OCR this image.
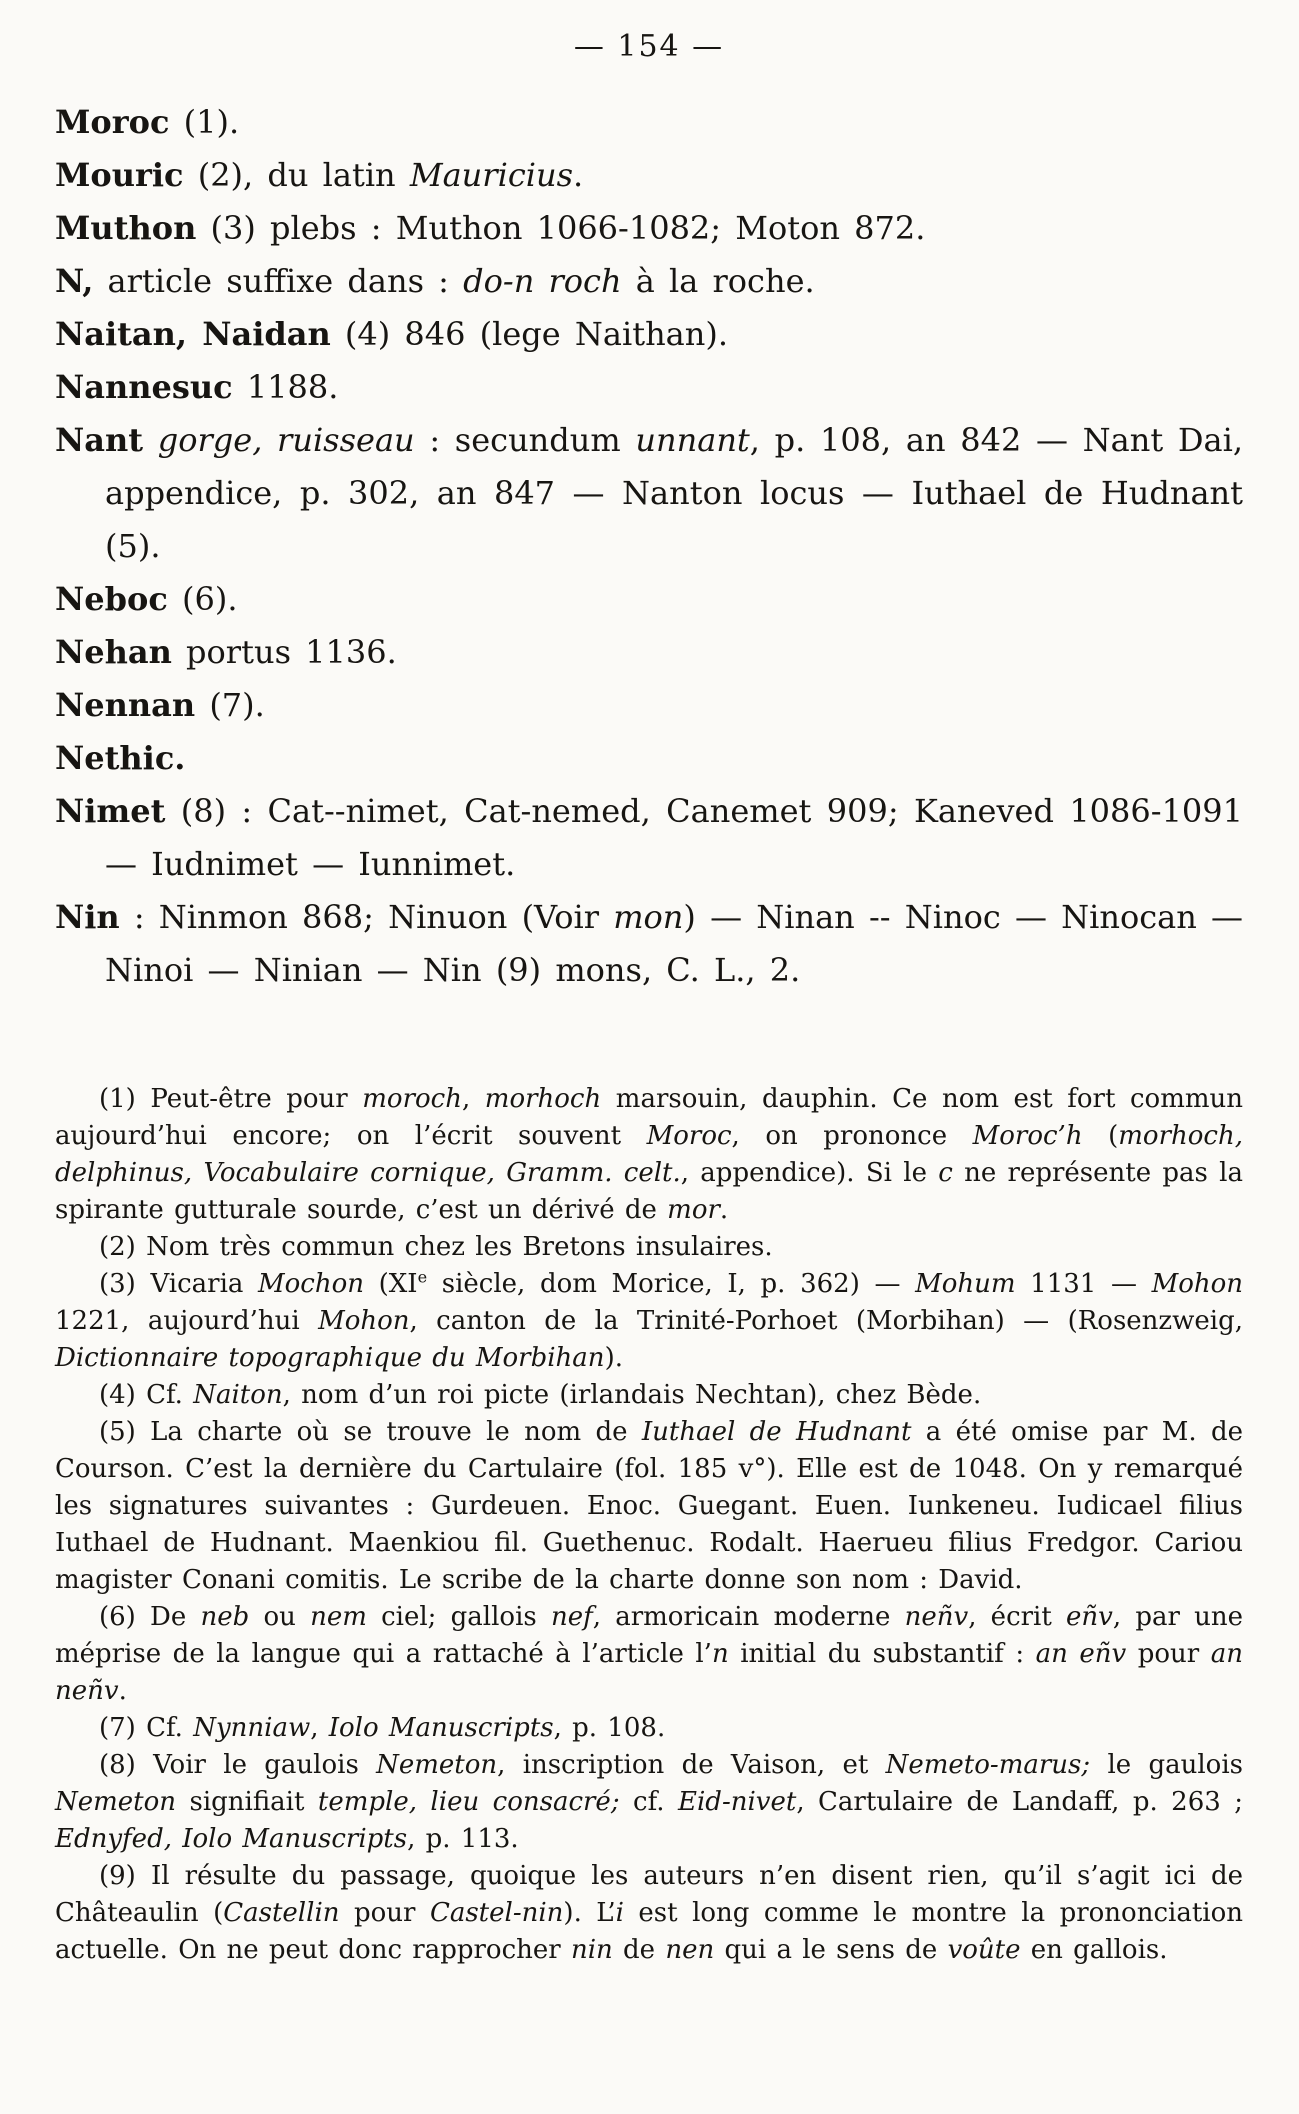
— 154 —

Moroc (1).

Mouric (2), du latin Mauricius.

Muthon (3) plebs : Muthon 1066-1082; Moton 872.

N, article suffixe dans : do-n roch à la roche.

Naitan, Naidan (4) 846 (lege Naithan).

Nannesuc 1188.

Nant gorge, ruisseau : secundum unnant, p. 108, an 842 — Nant Dai, appendice, p. 302, an 847 — Nanton locus — Iuthael de Hudnant (5).

Neboc (6).

Nehan portus 1136.

Nennan (7).

Nethic.

Nimet (8) : Cat--nimet, Cat-nemed, Canemet 909; Kaneved 1086-1091 — Iudnimet — Iunnimet.

Nin : Ninmon 868; Ninuon (Voir mon) — Ninan -- Ninoc — Ninocan — Ninoi — Ninian — Nin (9) mons, C. L., 2.

(1) Peut-être pour moroch, morhoch marsouin, dauphin. Ce nom est fort commun aujourd’hui encore; on l’écrit souvent Moroc, on prononce Moroc’h (morhoch, delphinus, Vocabulaire cornique, Gramm. celt., appendice). Si le c ne représente pas la spirante gutturale sourde, c’est un dérivé de mor.

(2) Nom très commun chez les Bretons insulaires.

(3) Vicaria Mochon (XIe siècle, dom Morice, I, p. 362) — Mohum 1131 — Mohon 1221, aujourd’hui Mohon, canton de la Trinité-Porhoet (Morbihan) — (Rosenzweig, Dictionnaire topographique du Morbihan).

(4) Cf. Naiton, nom d’un roi picte (irlandais Nechtan), chez Bède.

(5) La charte où se trouve le nom de Iuthael de Hudnant a été omise par M. de Courson. C’est la dernière du Cartulaire (fol. 185 v°). Elle est de 1048. On y remarqué les signatures suivantes : Gurdeuen. Enoc. Guegant. Euen. Iunkeneu. Iudicael filius Iuthael de Hudnant. Maenkiou fil. Guethenuc. Rodalt. Haerueu filius Fredgor. Cariou magister Conani comitis. Le scribe de la charte donne son nom : David.

(6) De neb ou nem ciel; gallois nef, armoricain moderne neñv, écrit eñv, par une méprise de la langue qui a rattaché à l’article l’n initial du substantif : an eñv pour an neñv.

(7) Cf. Nynniaw, Iolo Manuscripts, p. 108.

(8) Voir le gaulois Nemeton, inscription de Vaison, et Nemeto-marus; le gaulois Nemeton signifiait temple, lieu consacré; cf. Eid-nivet, Cartulaire de Landaff, p. 263 ; Ednyfed, Iolo Manuscripts, p. 113.

(9) Il résulte du passage, quoique les auteurs n’en disent rien, qu’il s’agit ici de Châteaulin (Castellin pour Castel-nin). L’i est long comme le montre la prononciation actuelle. On ne peut donc rapprocher nin de nen qui a le sens de voûte en gallois.
